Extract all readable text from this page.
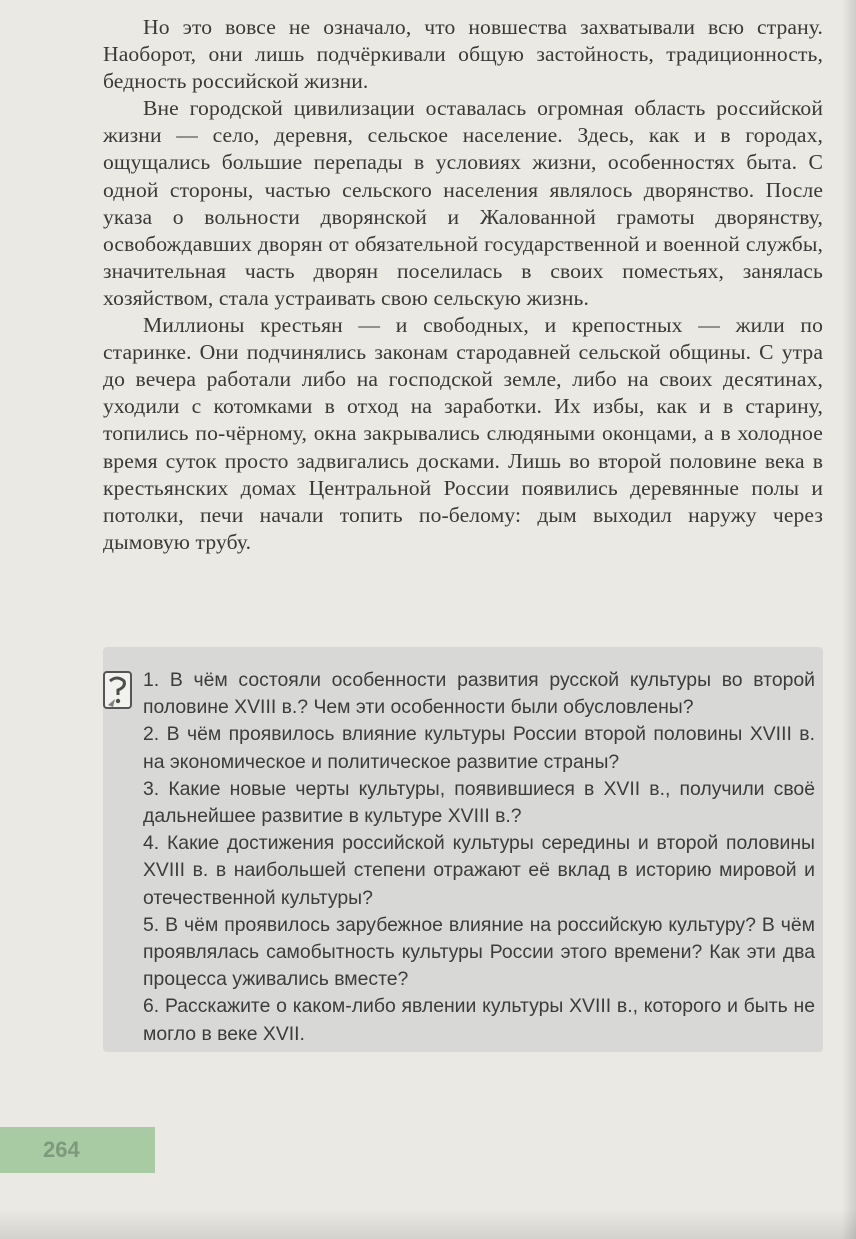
Но это вовсе не означало, что новшества захватывали всю страну. Наоборот, они лишь подчёркивали общую застойность, традиционность, бедность российской жизни.

Вне городской цивилизации оставалась огромная область российской жизни — село, деревня, сельское население. Здесь, как и в городах, ощущались большие перепады в условиях жизни, особенностях быта. С одной стороны, частью сельского населения являлось дворянство. После указа о вольности дворянской и Жалованной грамоты дворянству, освобождавших дворян от обязательной государственной и военной службы, значительная часть дворян поселилась в своих поместьях, занялась хозяйством, стала устраивать свою сельскую жизнь.

Миллионы крестьян — и свободных, и крепостных — жили по старинке. Они подчинялись законам стародавней сельской общины. С утра до вечера работали либо на господской земле, либо на своих десятинах, уходили с котомками в отход на заработки. Их избы, как и в старину, топились по-чёрному, окна закрывались слюдяными оконцами, а в холодное время суток просто задвигались досками. Лишь во второй половине века в крестьянских домах Центральной России появились деревянные полы и потолки, печи начали топить по-белому: дым выходил наружу через дымовую трубу.

1. В чём состояли особенности развития русской культуры во второй половине XVIII в.? Чем эти особенности были обусловлены?
2. В чём проявилось влияние культуры России второй половины XVIII в. на экономическое и политическое развитие страны?
3. Какие новые черты культуры, появившиеся в XVII в., получили своё дальнейшее развитие в культуре XVIII в.?
4. Какие достижения российской культуры середины и второй половины XVIII в. в наибольшей степени отражают её вклад в историю мировой и отечественной культуры?
5. В чём проявилось зарубежное влияние на российскую культуру? В чём проявлялась самобытность культуры России этого времени? Как эти два процесса уживались вместе?
6. Расскажите о каком-либо явлении культуры XVIII в., которого и быть не могло в веке XVII.
264
